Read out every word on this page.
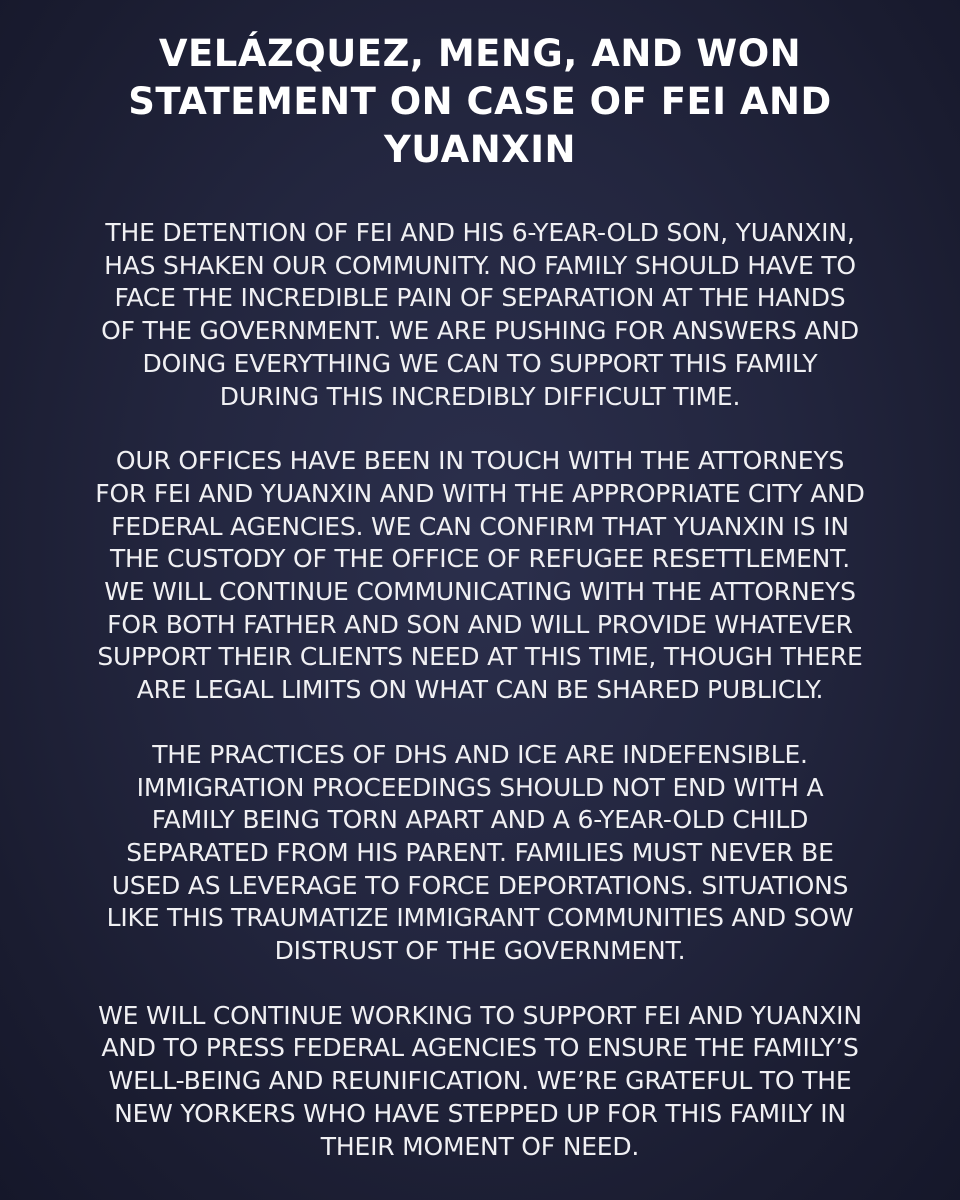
VELÁZQUEZ, MENG, AND WON
STATEMENT ON CASE OF FEI AND
YUANXIN

THE DETENTION OF FEI AND HIS 6-YEAR-OLD SON, YUANXIN,
HAS SHAKEN OUR COMMUNITY. NO FAMILY SHOULD HAVE TO
FACE THE INCREDIBLE PAIN OF SEPARATION AT THE HANDS
OF THE GOVERNMENT. WE ARE PUSHING FOR ANSWERS AND
DOING EVERYTHING WE CAN TO SUPPORT THIS FAMILY
DURING THIS INCREDIBLY DIFFICULT TIME.

OUR OFFICES HAVE BEEN IN TOUCH WITH THE ATTORNEYS
FOR FEI AND YUANXIN AND WITH THE APPROPRIATE CITY AND
FEDERAL AGENCIES. WE CAN CONFIRM THAT YUANXIN IS IN
THE CUSTODY OF THE OFFICE OF REFUGEE RESETTLEMENT.
WE WILL CONTINUE COMMUNICATING WITH THE ATTORNEYS
FOR BOTH FATHER AND SON AND WILL PROVIDE WHATEVER
SUPPORT THEIR CLIENTS NEED AT THIS TIME, THOUGH THERE
ARE LEGAL LIMITS ON WHAT CAN BE SHARED PUBLICLY.

THE PRACTICES OF DHS AND ICE ARE INDEFENSIBLE.
IMMIGRATION PROCEEDINGS SHOULD NOT END WITH A
FAMILY BEING TORN APART AND A 6-YEAR-OLD CHILD
SEPARATED FROM HIS PARENT. FAMILIES MUST NEVER BE
USED AS LEVERAGE TO FORCE DEPORTATIONS. SITUATIONS
LIKE THIS TRAUMATIZE IMMIGRANT COMMUNITIES AND SOW
DISTRUST OF THE GOVERNMENT.

WE WILL CONTINUE WORKING TO SUPPORT FEI AND YUANXIN
AND TO PRESS FEDERAL AGENCIES TO ENSURE THE FAMILY’S
WELL-BEING AND REUNIFICATION. WE’RE GRATEFUL TO THE
NEW YORKERS WHO HAVE STEPPED UP FOR THIS FAMILY IN
THEIR MOMENT OF NEED.
